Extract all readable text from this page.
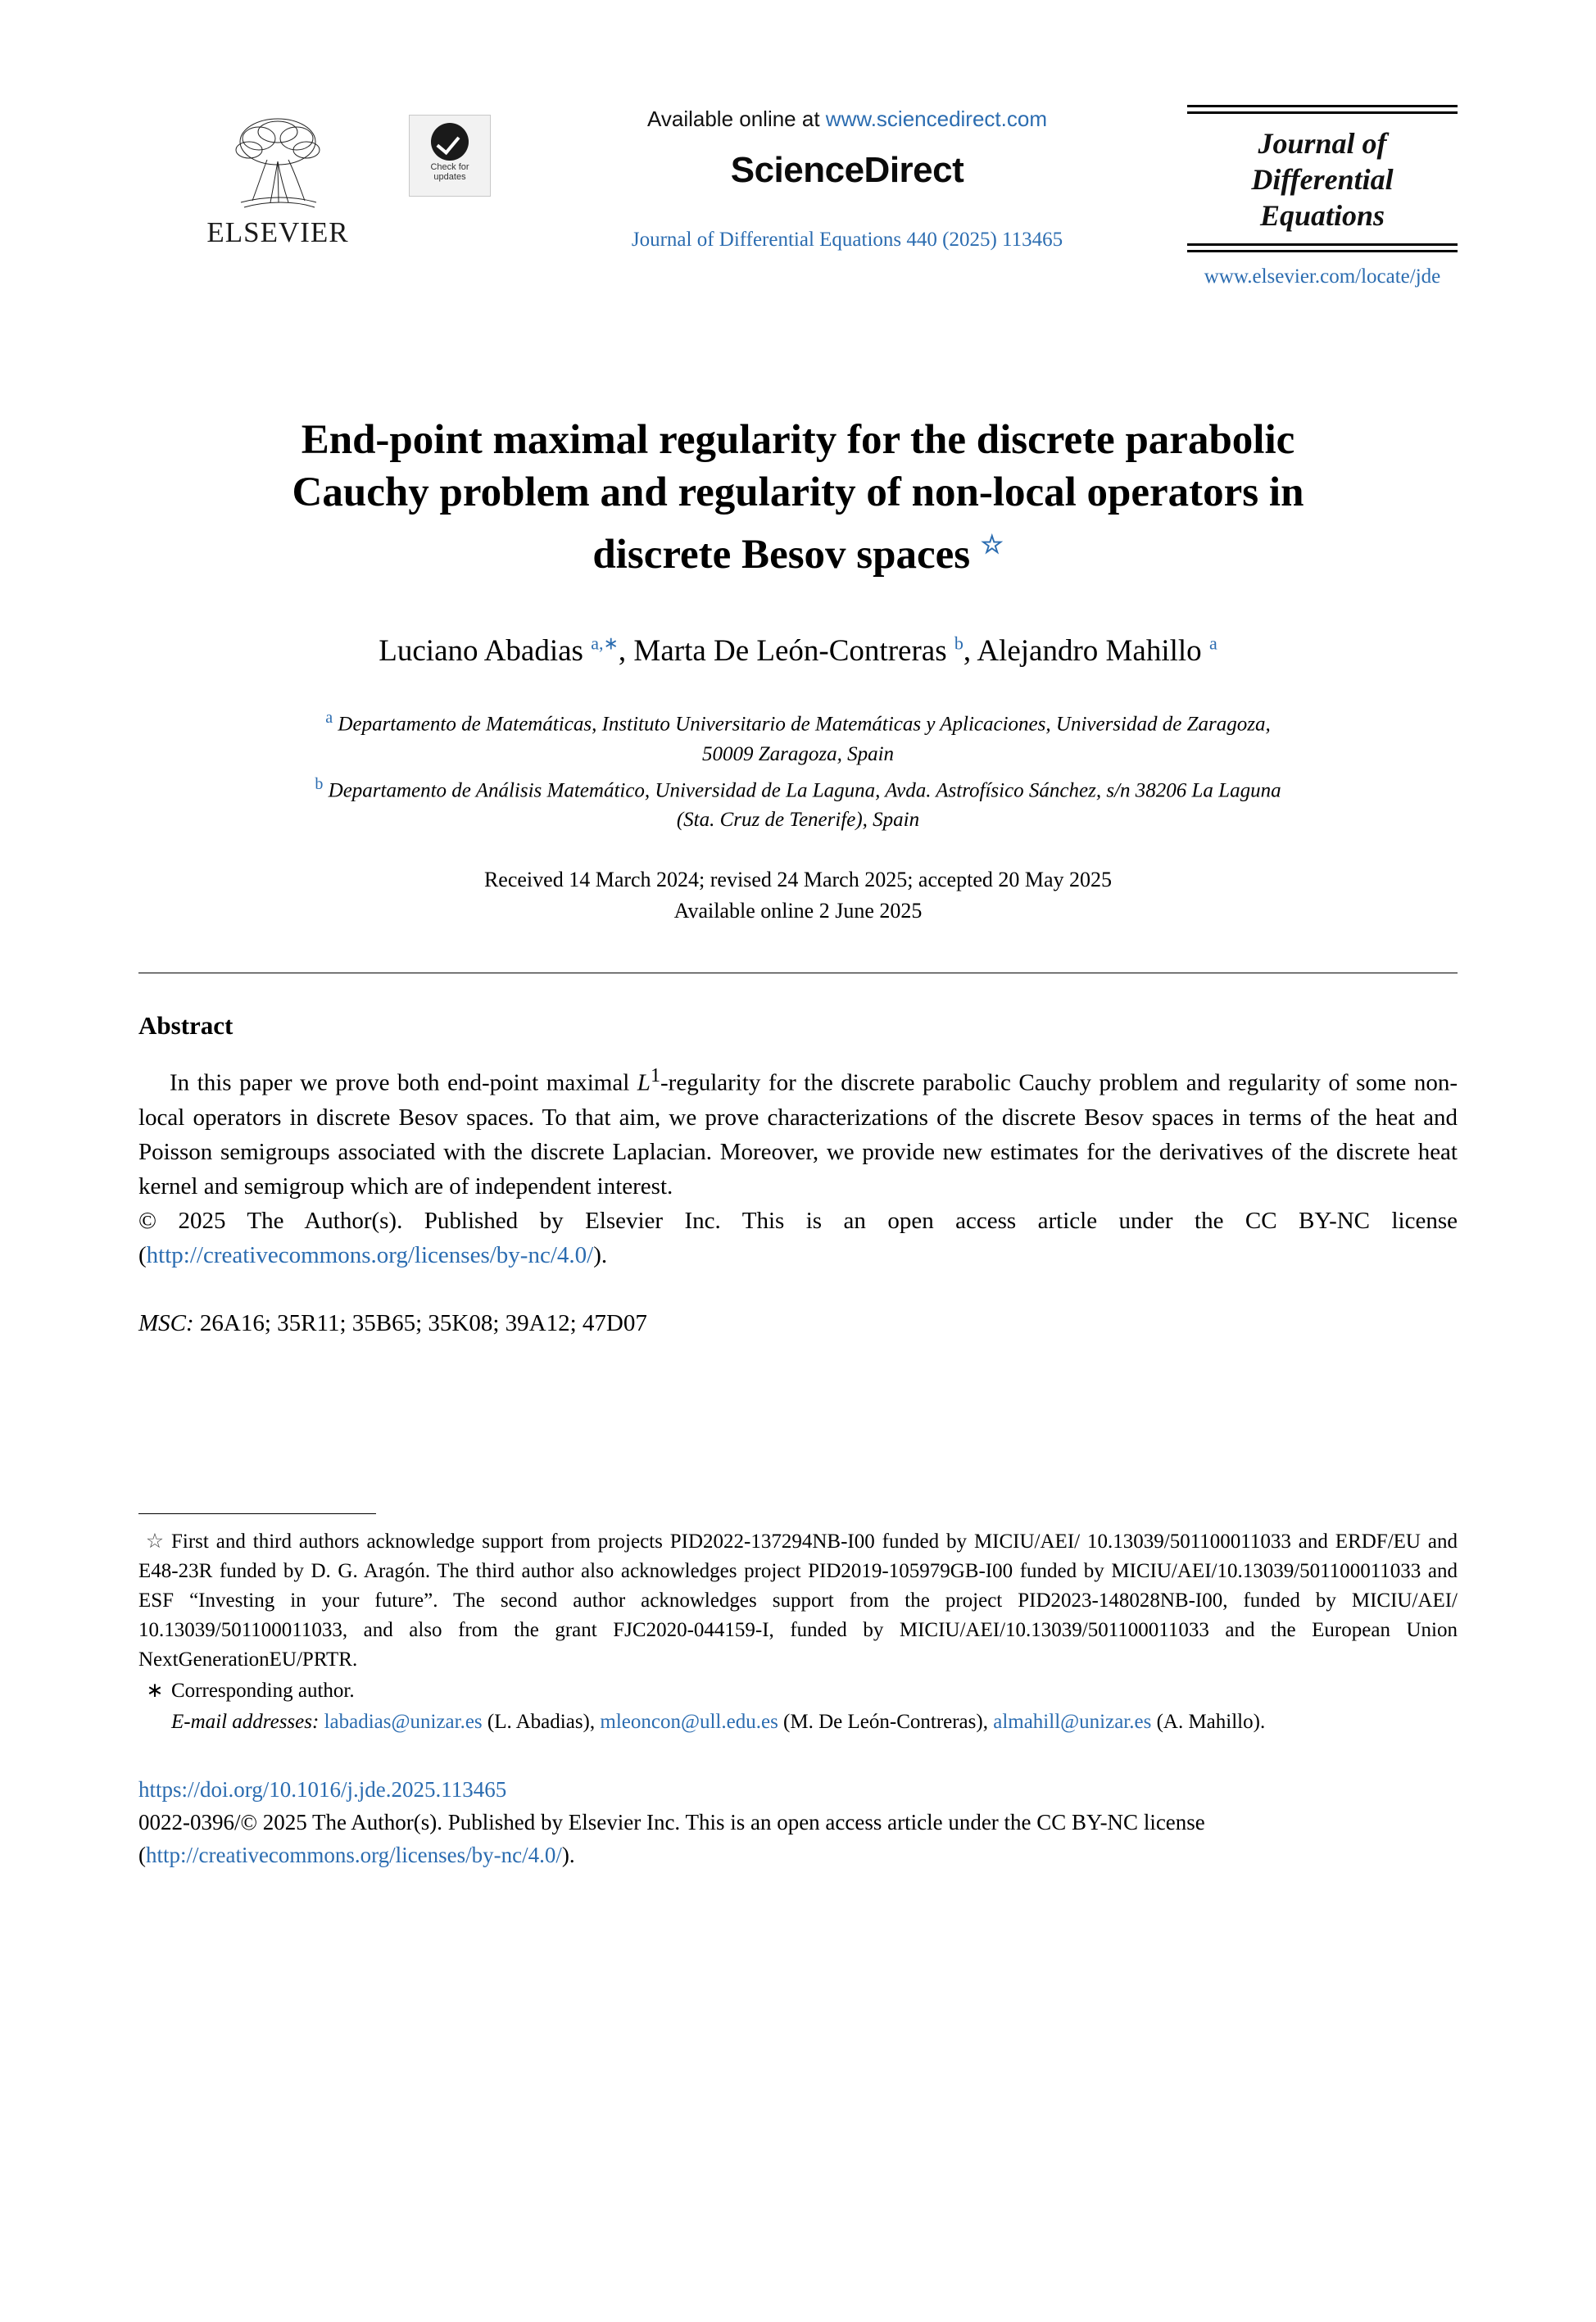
ELSEVIER
Check for
updates
Available online at www.sciencedirect.com
ScienceDirect
Journal of Differential Equations 440 (2025) 113465
Journal of
Differential
Equations
www.elsevier.com/locate/jde
End-point maximal regularity for the discrete parabolic
Cauchy problem and regularity of non-local operators in
discrete Besov spaces ☆
Luciano Abadias $^{a,∗}$, Marta De León-Contreras $^b$, Alejandro Mahillo $^a$
$^a$ Departamento de Matemáticas, Instituto Universitario de Matemáticas y Aplicaciones, Universidad de Zaragoza,
50009 Zaragoza, Spain
$^b$ Departamento de Análisis Matemático, Universidad de La Laguna, Avda. Astrofísico Sánchez, s/n 38206 La Laguna
(Sta. Cruz de Tenerife), Spain
Received 14 March 2024; revised 24 March 2025; accepted 20 May 2025
Available online 2 June 2025
Abstract
In this paper we prove both end-point maximal $L^1$-regularity for the discrete parabolic Cauchy problem and regularity of some non-local operators in discrete Besov spaces. To that aim, we prove characterizations of the discrete Besov spaces in terms of the heat and Poisson semigroups associated with the discrete Laplacian. Moreover, we provide new estimates for the derivatives of the discrete heat kernel and semigroup which are of independent interest.
© 2025 The Author(s). Published by Elsevier Inc. This is an open access article under the CC BY-NC license (http://creativecommons.org/licenses/by-nc/4.0/).
MSC: 26A16; 35R11; 35B65; 35K08; 39A12; 47D07

☆ First and third authors acknowledge support from projects PID2022-137294NB-I00 funded by MICIU/AEI/ 10.13039/501100011033 and ERDF/EU and E48-23R funded by D. G. Aragón. The third author also acknowledges project PID2019-105979GB-I00 funded by MICIU/AEI/10.13039/501100011033 and ESF “Investing in your future”. The second author acknowledges support from the project PID2023-148028NB-I00, funded by MICIU/AEI/ 10.13039/501100011033, and also from the grant FJC2020-044159-I, funded by MICIU/AEI/10.13039/501100011033 and the European Union NextGenerationEU/PRTR.

∗ Corresponding author.

E-mail addresses: labadias@unizar.es (L. Abadias), mleoncon@ull.edu.es (M. De León-Contreras), almahill@unizar.es (A. Mahillo).

https://doi.org/10.1016/j.jde.2025.113465
0022-0396/© 2025 The Author(s). Published by Elsevier Inc. This is an open access article under the CC BY-NC license (http://creativecommons.org/licenses/by-nc/4.0/).
